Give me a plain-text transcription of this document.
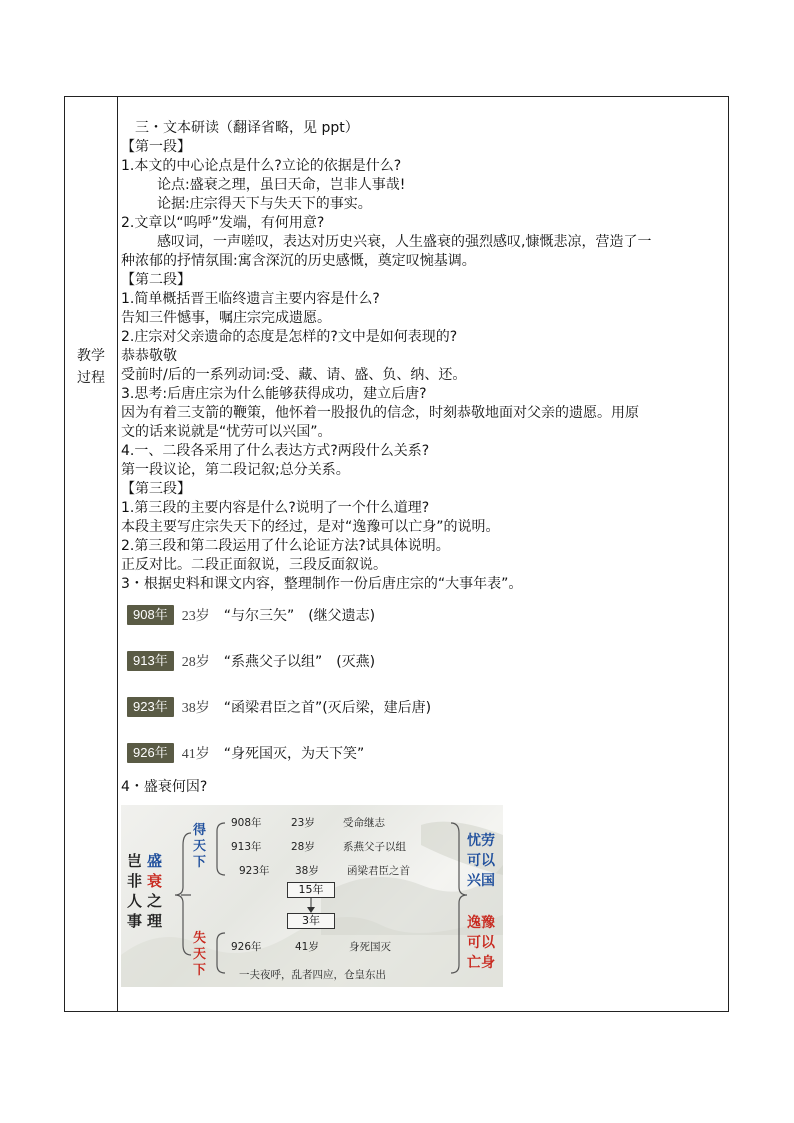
教学
过程
三・文本研读（翻译省略，见 ppt）
【第一段】
1.本文的中心论点是什么?立论的依据是什么?
论点:盛衰之理，虽曰天命，岂非人事哉!
论据:庄宗得天下与失天下的事实。
2.文章以“呜呼”发端，有何用意?
感叹词，一声嗟叹，表达对历史兴衰，人生盛衰的强烈感叹,慷慨悲凉，营造了一
种浓郁的抒情氛围:寓含深沉的历史感慨，奠定叹惋基调。
【第二段】
1.简单概括晋王临终遗言主要内容是什么?
告知三件憾事，嘱庄宗完成遗愿。
2.庄宗对父亲遗命的态度是怎样的?文中是如何表现的?
恭恭敬敬
受前时/后的一系列动词:受、藏、请、盛、负、纳、还。
3.思考:后唐庄宗为什么能够获得成功，建立后唐?
因为有着三支箭的鞭策，他怀着一股报仇的信念，时刻恭敬地面对父亲的遗愿。用原
文的话来说就是“忧劳可以兴国”。
4.一、二段各采用了什么表达方式?两段什么关系?
第一段议论，第二段记叙;总分关系。
【第三段】
1.第三段的主要内容是什么?说明了一个什么道理?
本段主要写庄宗失天下的经过，是对“逸豫可以亡身”的说明。
2.第三段和第二段运用了什么论证方法?试具体说明。
正反对比。二段正面叙说，三段反面叙说。
3・根据史料和课文内容，整理制作一份后唐庄宗的“大事年表”。
908年	23岁	“与尔三矢”　(继父遗志)
913年	28岁	“系燕父子以组”　(灭燕)
923年	38岁	“函梁君臣之首”(灭后梁，建后唐)
926年	41岁	“身死国灭，为天下笑”
4・盛衰何因?
岂
非
人
事
盛
衰
之
理
得
天
下
失
天
下
908年	23岁	受命继志
913年	28岁	系燕父子以组
923年 38岁	函梁君臣之首
15年
3年
926年	41岁	身死国灭
一夫夜呼，乱者四应，仓皇东出
忧劳
可以
兴国
逸豫
可以
亡身
